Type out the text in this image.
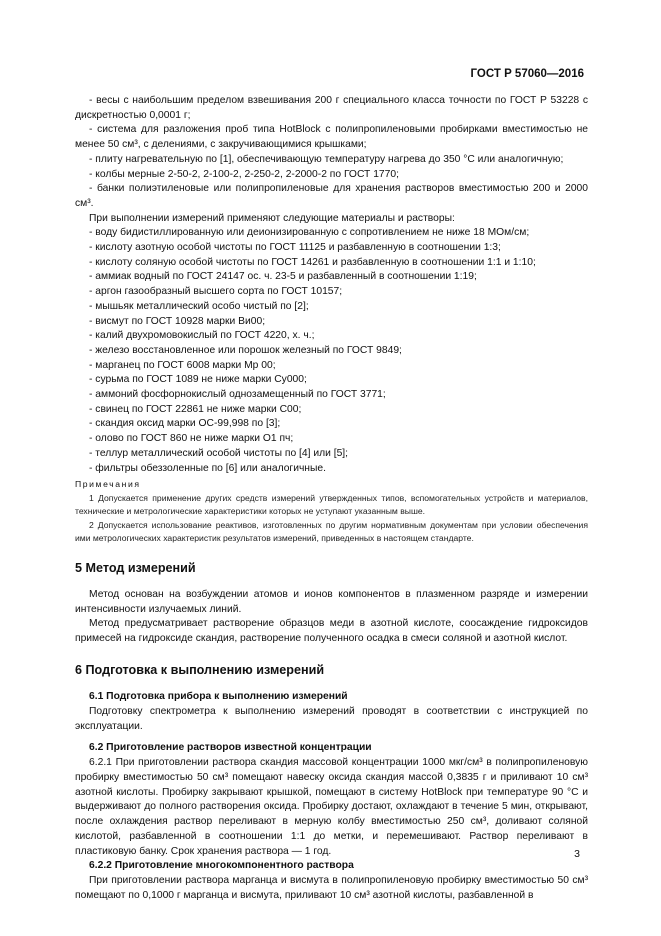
ГОСТ Р 57060—2016

- весы с наибольшим пределом взвешивания 200 г специального класса точности по ГОСТ Р 53228 с дискретностью 0,0001 г;

- система для разложения проб типа HotBlock с полипропиленовыми пробирками вместимостью не менее 50 см³, с делениями, с закручивающимися крышками;

- плиту нагревательную по [1], обеспечивающую температуру нагрева до 350 °С или аналогичную;

- колбы мерные 2-50-2, 2-100-2, 2-250-2, 2-2000-2 по ГОСТ 1770;

- банки полиэтиленовые или полипропиленовые для хранения растворов вместимостью 200 и 2000 см³.

При выполнении измерений применяют следующие материалы и растворы:

- воду бидистиллированную или деионизированную с сопротивлением не ниже 18 МОм/см;

- кислоту азотную особой чистоты по ГОСТ 11125 и разбавленную в соотношении 1:3;

- кислоту соляную особой чистоты по ГОСТ 14261 и разбавленную в соотношении 1:1 и 1:10;

- аммиак водный по ГОСТ 24147 ос. ч. 23-5 и разбавленный в соотношении 1:19;

- аргон газообразный высшего сорта по ГОСТ 10157;

- мышьяк металлический особо чистый по [2];

- висмут по ГОСТ 10928 марки Ви00;

- калий двухромовокислый по ГОСТ 4220, х. ч.;

- железо восстановленное или порошок железный по ГОСТ 9849;

- марганец по ГОСТ 6008 марки Мр 00;

- сурьма по ГОСТ 1089 не ниже марки Су000;

- аммоний фосфорнокислый однозамещенный по ГОСТ 3771;

- свинец по ГОСТ 22861 не ниже марки С00;

- скандия оксид марки ОС-99,998 по [3];

- олово по ГОСТ 860 не ниже марки О1 пч;

- теллур металлический особой чистоты по [4] или [5];

- фильтры обеззоленные по [6] или аналогичные.

Примечания

1 Допускается применение других средств измерений утвержденных типов, вспомогательных устройств и материалов, технические и метрологические характеристики которых не уступают указанным выше.

2 Допускается использование реактивов, изготовленных по другим нормативным документам при условии обеспечения ими метрологических характеристик результатов измерений, приведенных в настоящем стандарте.

5 Метод измерений

Метод основан на возбуждении атомов и ионов компонентов в плазменном разряде и измерении интенсивности излучаемых линий.

Метод предусматривает растворение образцов меди в азотной кислоте, соосаждение гидроксидов примесей на гидроксиде скандия, растворение полученного осадка в смеси соляной и азотной кислот.

6 Подготовка к выполнению измерений

6.1 Подготовка прибора к выполнению измерений

Подготовку спектрометра к выполнению измерений проводят в соответствии с инструкцией по эксплуатации.

6.2 Приготовление растворов известной концентрации

6.2.1 При приготовлении раствора скандия массовой концентрации 1000 мкг/см³ в полипропиленовую пробирку вместимостью 50 см³ помещают навеску оксида скандия массой 0,3835 г и приливают 10 см³ азотной кислоты. Пробирку закрывают крышкой, помещают в систему HotBlock при температуре 90 °С и выдерживают до полного растворения оксида. Пробирку достают, охлаждают в течение 5 мин, открывают, после охлаждения раствор переливают в мерную колбу вместимостью 250 см³, доливают соляной кислотой, разбавленной в соотношении 1:1 до метки, и перемешивают. Раствор переливают в пластиковую банку. Срок хранения раствора — 1 год.

6.2.2 Приготовление многокомпонентного раствора

При приготовлении раствора марганца и висмута в полипропиленовую пробирку вместимостью 50 см³ помещают по 0,1000 г марганца и висмута, приливают 10 см³ азотной кислоты, разбавленной в

3
